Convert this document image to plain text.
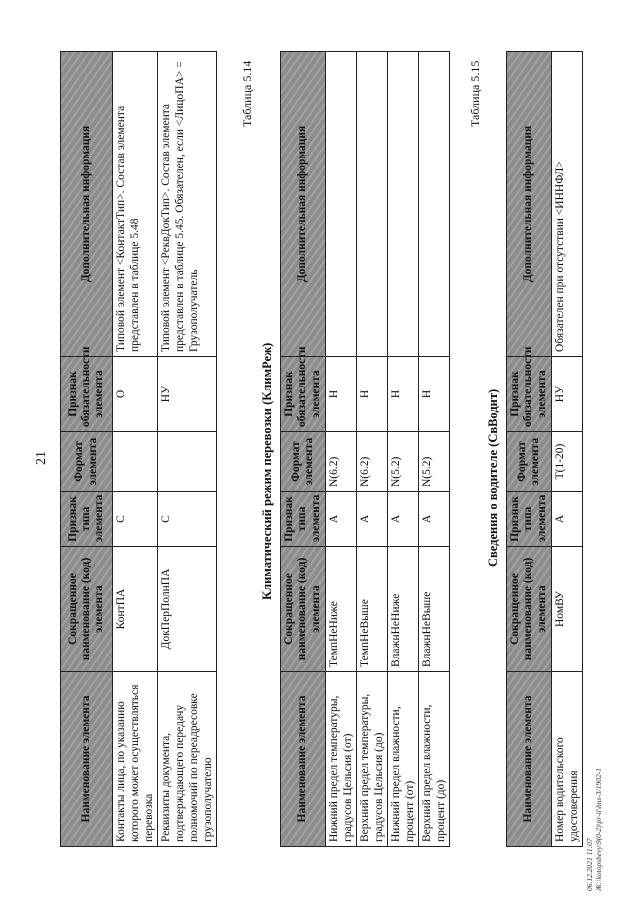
21
Наименование элемента	Сокращенное наименование (код) элемента	Признак типа элемента	Формат элемента	Признак обязательности элемента	Дополнительная информация
Контакты лица, по указанию которого может осуществляться перевозка	КонтПА	С		О	Типовой элемент <КонтактТип>. Состав элемента представлен в таблице 5.48
Реквизиты документа, подтверждающего передачу полномочий по переадресовке грузополучателю	ДокПерПолнПА	С		НУ	Типовой элемент <РеквДокТип>. Состав элемента представлен в таблице 5.45. Обязателен, если <ЛицоПА> = Грузополучатель
Таблица 5.14
Климатический режим перевозки (КлимРеж)
Наименование элемента	Сокращенное наименование (код) элемента	Признак типа элемента	Формат элемента	Признак обязательности элемента	Дополнительная информация
Нижний предел температуры, градусов Цельсия (от)	ТемпНеНиже	А	N(6.2)	Н	
Верхний предел температуры, градусов Цельсия (до)	ТемпНеВыше	А	N(6.2)	Н	
Нижний предел влажности, процент (от)	ВлажнНеНиже	А	N(5.2)	Н	
Верхний предел влажности, процент (до)	ВлажнНеВыше	А	N(5.2)	Н	
Таблица 5.15
Сведения о водителе (СвВодит)
Наименование элемента	Сокращенное наименование (код) элемента	Признак типа элемента	Формат элемента	Признак обязательности элемента	Дополнительная информация
Номер водительского удостоверения	НомВУ	А	T(1-20)	НУ	Обязателен при отсутствии <ИННФЛ>
06.12.2021 11:07 Ж:\kotopshevy\9(0-2)\pr-ii\hns-3/1902-1
